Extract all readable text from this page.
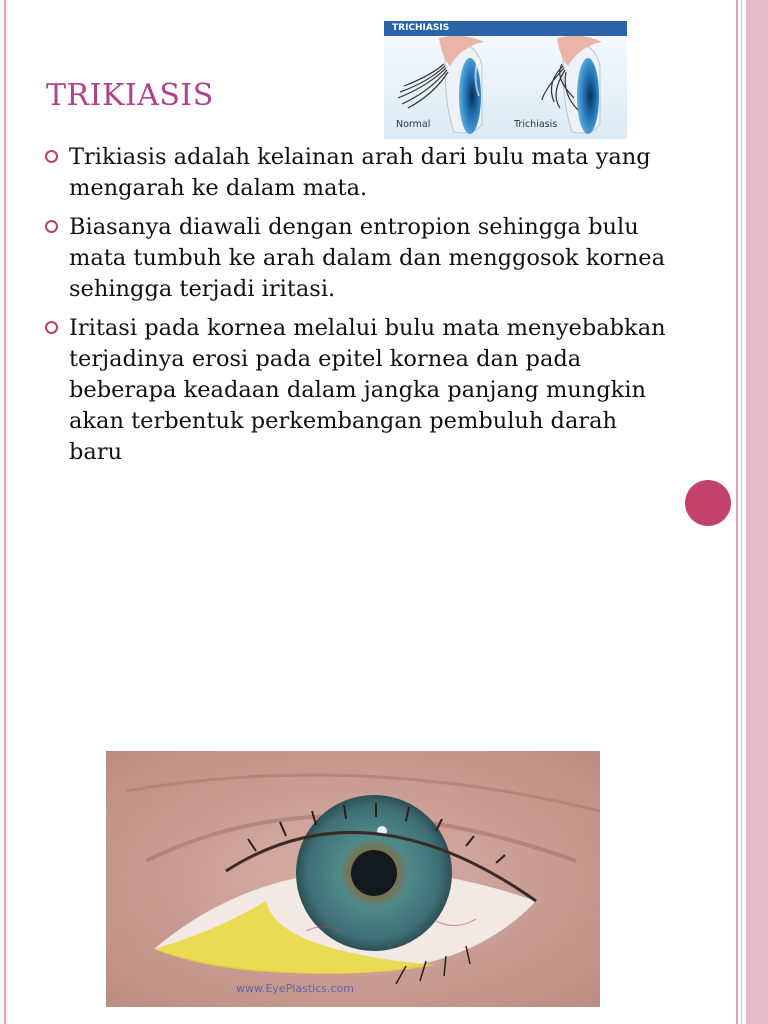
TRIKIASIS
TRICHIASIS
Normal	Trichiasis
Trikiasis adalah kelainan arah dari bulu mata yang mengarah ke dalam mata.
Biasanya diawali dengan entropion sehingga bulu mata tumbuh ke arah dalam dan menggosok kornea sehingga terjadi iritasi.
Iritasi pada kornea melalui bulu mata menyebabkan terjadinya erosi pada epitel kornea dan pada beberapa keadaan dalam jangka panjang mungkin akan terbentuk perkembangan pembuluh darah baru
www.EyePlastics.com
